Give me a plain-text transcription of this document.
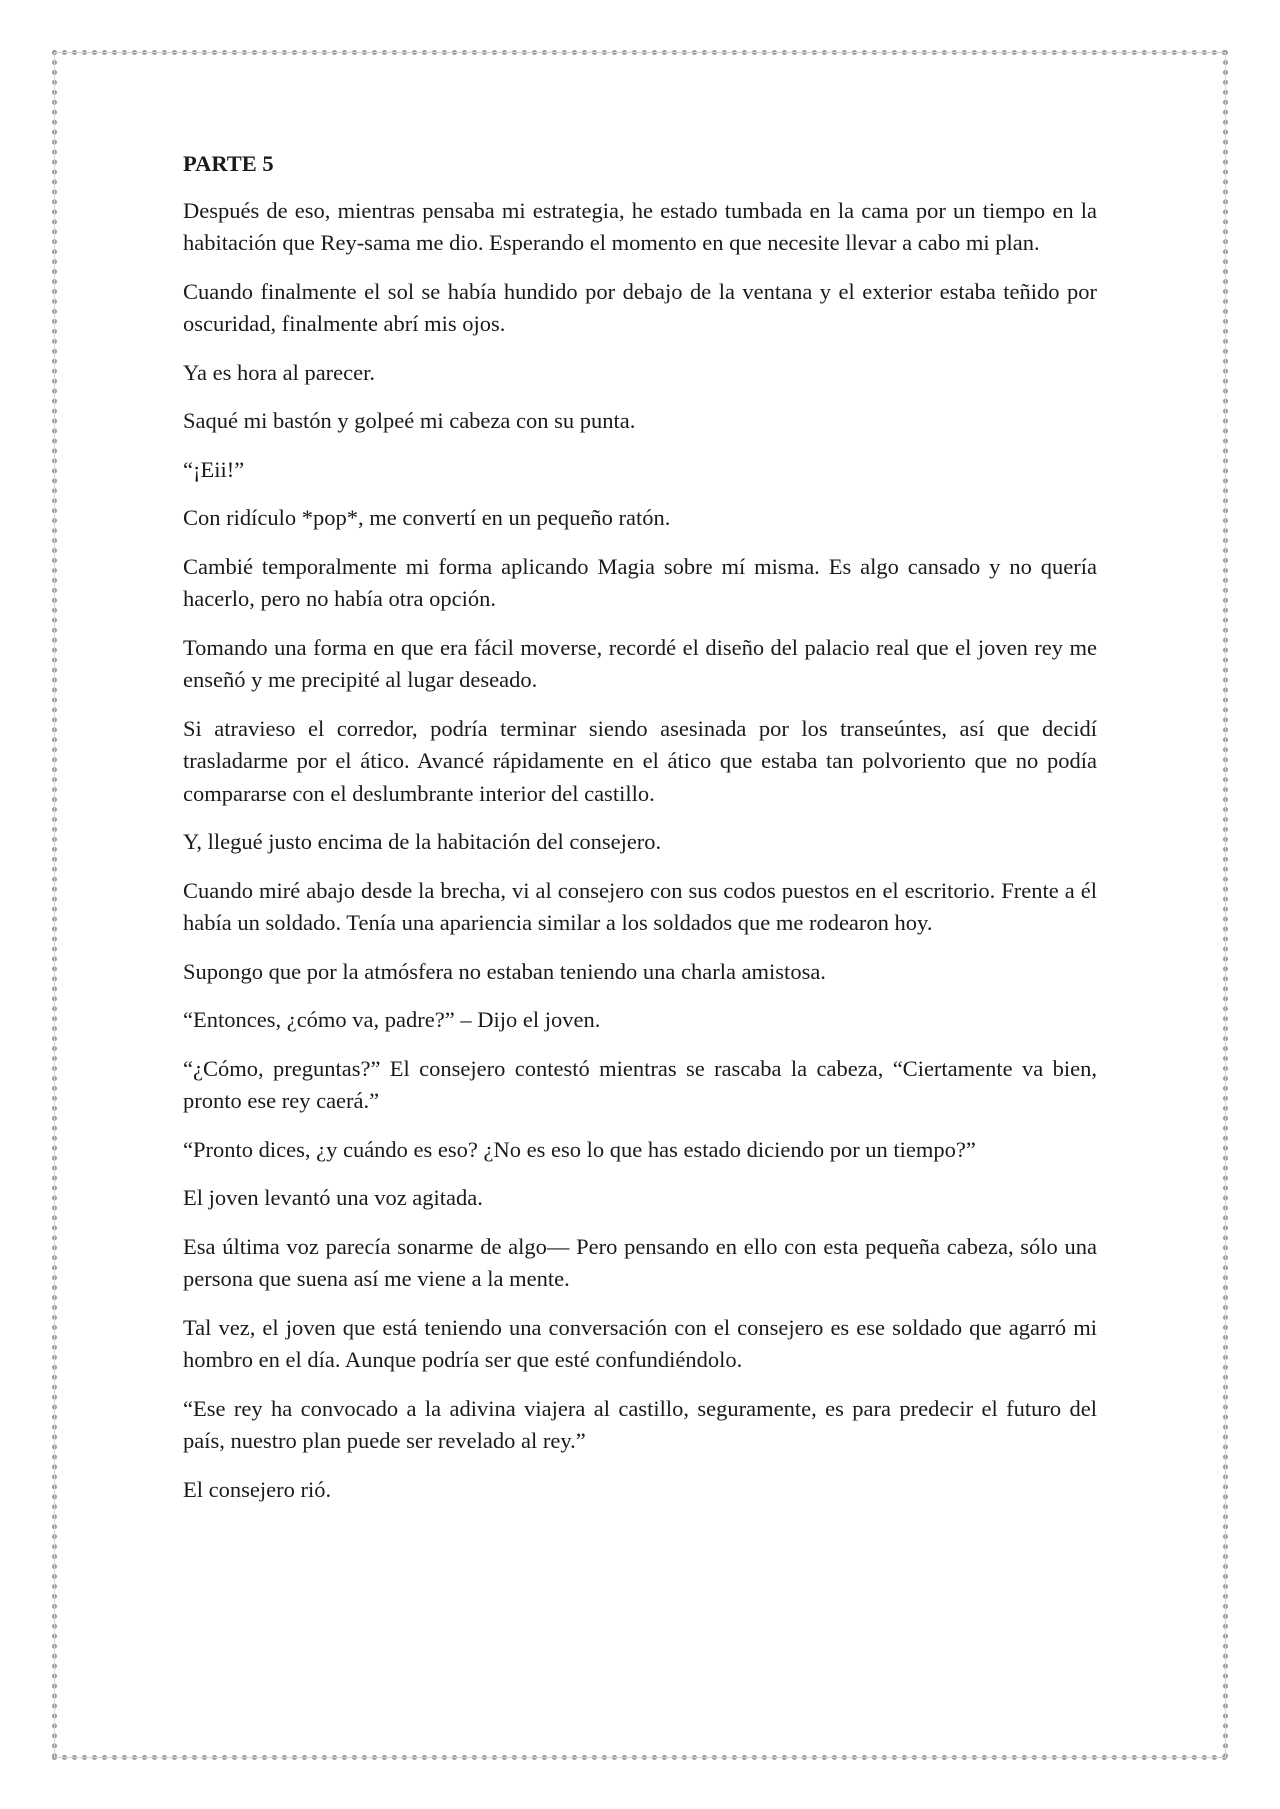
PARTE 5

Después de eso, mientras pensaba mi estrategia, he estado tumbada en la cama por un tiempo en la habitación que Rey-sama me dio. Esperando el momento en que necesite llevar a cabo mi plan.

Cuando finalmente el sol se había hundido por debajo de la ventana y el exterior estaba teñido por oscuridad, finalmente abrí mis ojos.

Ya es hora al parecer.

Saqué mi bastón y golpeé mi cabeza con su punta.

“¡Eii!”

Con ridículo *pop*, me convertí en un pequeño ratón.

Cambié temporalmente mi forma aplicando Magia sobre mí misma. Es algo cansado y no quería hacerlo, pero no había otra opción.

Tomando una forma en que era fácil moverse, recordé el diseño del palacio real que el joven rey me enseñó y me precipité al lugar deseado.

Si atravieso el corredor, podría terminar siendo asesinada por los transeúntes, así que decidí trasladarme por el ático. Avancé rápidamente en el ático que estaba tan polvoriento que no podía compararse con el deslumbrante interior del castillo.

Y, llegué justo encima de la habitación del consejero.

Cuando miré abajo desde la brecha, vi al consejero con sus codos puestos en el escritorio. Frente a él había un soldado. Tenía una apariencia similar a los soldados que me rodearon hoy.

Supongo que por la atmósfera no estaban teniendo una charla amistosa.

“Entonces, ¿cómo va, padre?” – Dijo el joven.

“¿Cómo, preguntas?” El consejero contestó mientras se rascaba la cabeza, “Ciertamente va bien, pronto ese rey caerá.”

“Pronto dices, ¿y cuándo es eso? ¿No es eso lo que has estado diciendo por un tiempo?”

El joven levantó una voz agitada.

Esa última voz parecía sonarme de algo— Pero pensando en ello con esta pequeña cabeza, sólo una persona que suena así me viene a la mente.

Tal vez, el joven que está teniendo una conversación con el consejero es ese soldado que agarró mi hombro en el día. Aunque podría ser que esté confundiéndolo.

“Ese rey ha convocado a la adivina viajera al castillo, seguramente, es para predecir el futuro del país, nuestro plan puede ser revelado al rey.”

El consejero rió.
